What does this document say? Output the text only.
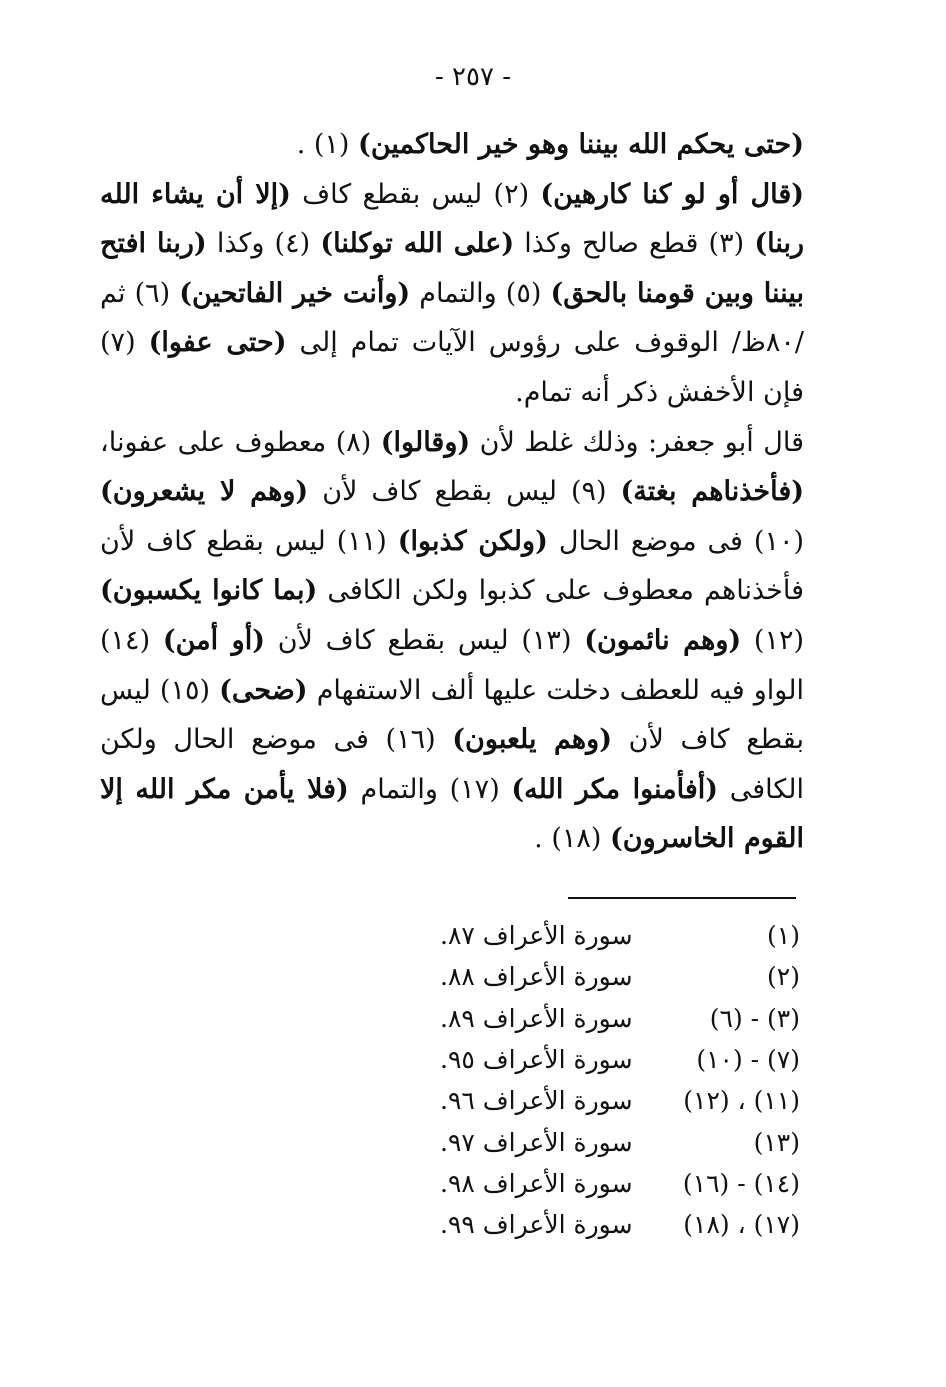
- ٢٥٧ -

(حتى يحكم الله بيننا وهو خير الحاكمين) (١) .

(قال أو لو كنا كارهين) (٢) ليس بقطع كاف (إلا أن يشاء الله ربنا) (٣) قطع صالح وكذا (على الله توكلنا) (٤) وكذا (ربنا افتح بيننا وبين قومنا بالحق) (٥) والتمام (وأنت خير الفاتحين) (٦) ثم /٨٠ظ/ الوقوف على رؤوس الآيات تمام إلى (حتى عفوا) (٧) فإن الأخفش ذكر أنه تمام.

قال أبو جعفر: وذلك غلط لأن (وقالوا) (٨) معطوف على عفونا، (فأخذناهم بغتة) (٩) ليس بقطع كاف لأن (وهم لا يشعرون) (١٠) فى موضع الحال (ولكن كذبوا) (١١) ليس بقطع كاف لأن فأخذناهم معطوف على كذبوا ولكن الكافى (بما كانوا يكسبون) (١٢) (وهم نائمون) (١٣) ليس بقطع كاف لأن (أو أمن) (١٤) الواو فيه للعطف دخلت عليها ألف الاستفهام (ضحى) (١٥) ليس بقطع كاف لأن (وهم يلعبون) (١٦) فى موضع الحال ولكن الكافى (أفأمنوا مكر الله) (١٧) والتمام (فلا يأمن مكر الله إلا القوم الخاسرون) (١٨) .

(١)
سورة الأعراف ٨٧.
(٢)
سورة الأعراف ٨٨.
(٣) - (٦)
سورة الأعراف ٨٩.
(٧) - (١٠)
سورة الأعراف ٩٥.
(١١) ، (١٢)
سورة الأعراف ٩٦.
(١٣)
سورة الأعراف ٩٧.
(١٤) - (١٦)
سورة الأعراف ٩٨.
(١٧) ، (١٨)
سورة الأعراف ٩٩.
